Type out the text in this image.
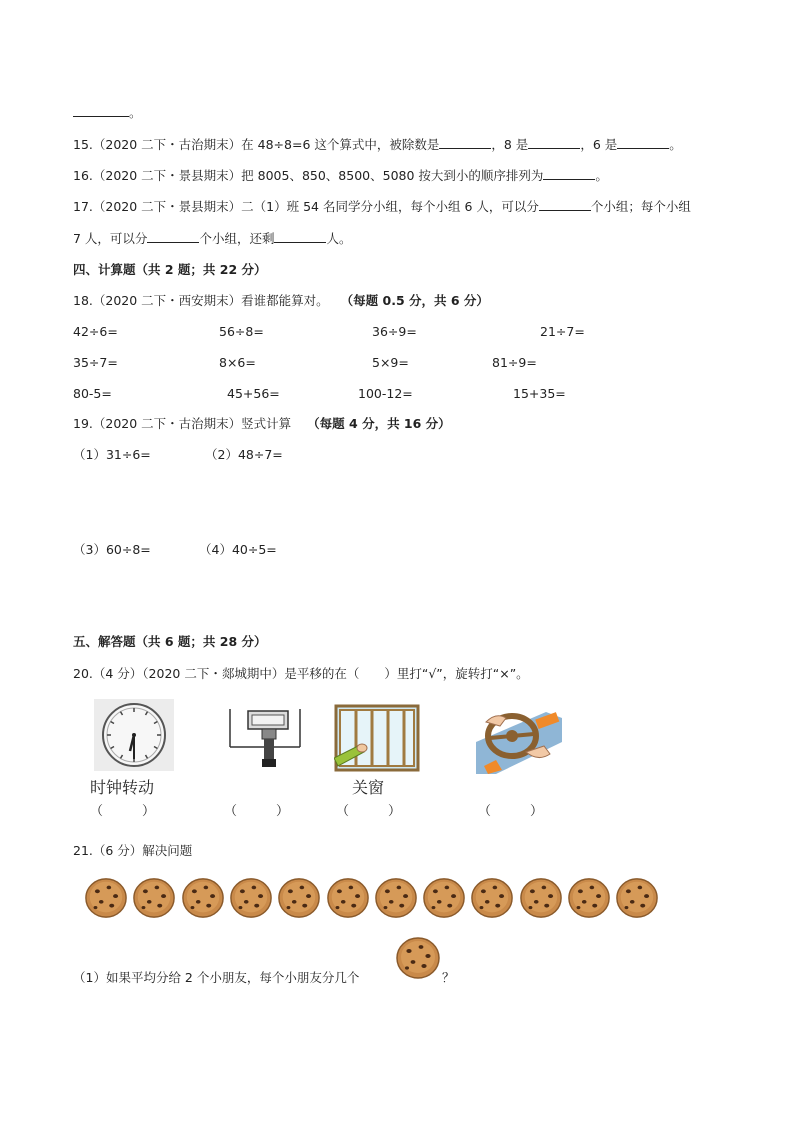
。
15.（2020 二下・古治期末）在 48÷8=6 这个算式中，被除数是	，8 是	，6 是	。
16.（2020 二下・景县期末）把 8005、850、8500、5080 按大到小的顺序排列为	。
17.（2020 二下・景县期末）二（1）班 54 名同学分小组，每个小组 6 人，可以分	个小组；每个小组
7 人，可以分	个小组，还剩	人。
四、计算题（共 2 题；共 22 分）
18.（2020 二下・西安期末）看谁都能算对。 （每题 0.5 分，共 6 分）
42÷6=	56÷8=	36÷9=	21÷7=
35÷7=	8×6=	5×9=	81÷9=
80-5=	45+56=	100-12=	15+35=
19.（2020 二下・古治期末）竖式计算 （每题 4 分，共 16 分）
（1）31÷6=	（2）48÷7=
（3）60÷8=	（4）40÷5=
五、解答题（共 6 题；共 28 分）
20.（4 分）（2020 二下・郯城期中）是平移的在（　　）里打“√”，旋转打“×”。
时钟转动	关窗
（　　　）	（　　　）	（　　　）	（　　　）
21.（6 分）解决问题
（1）如果平均分给 2 个小朋友，每个小朋友分几个	？
